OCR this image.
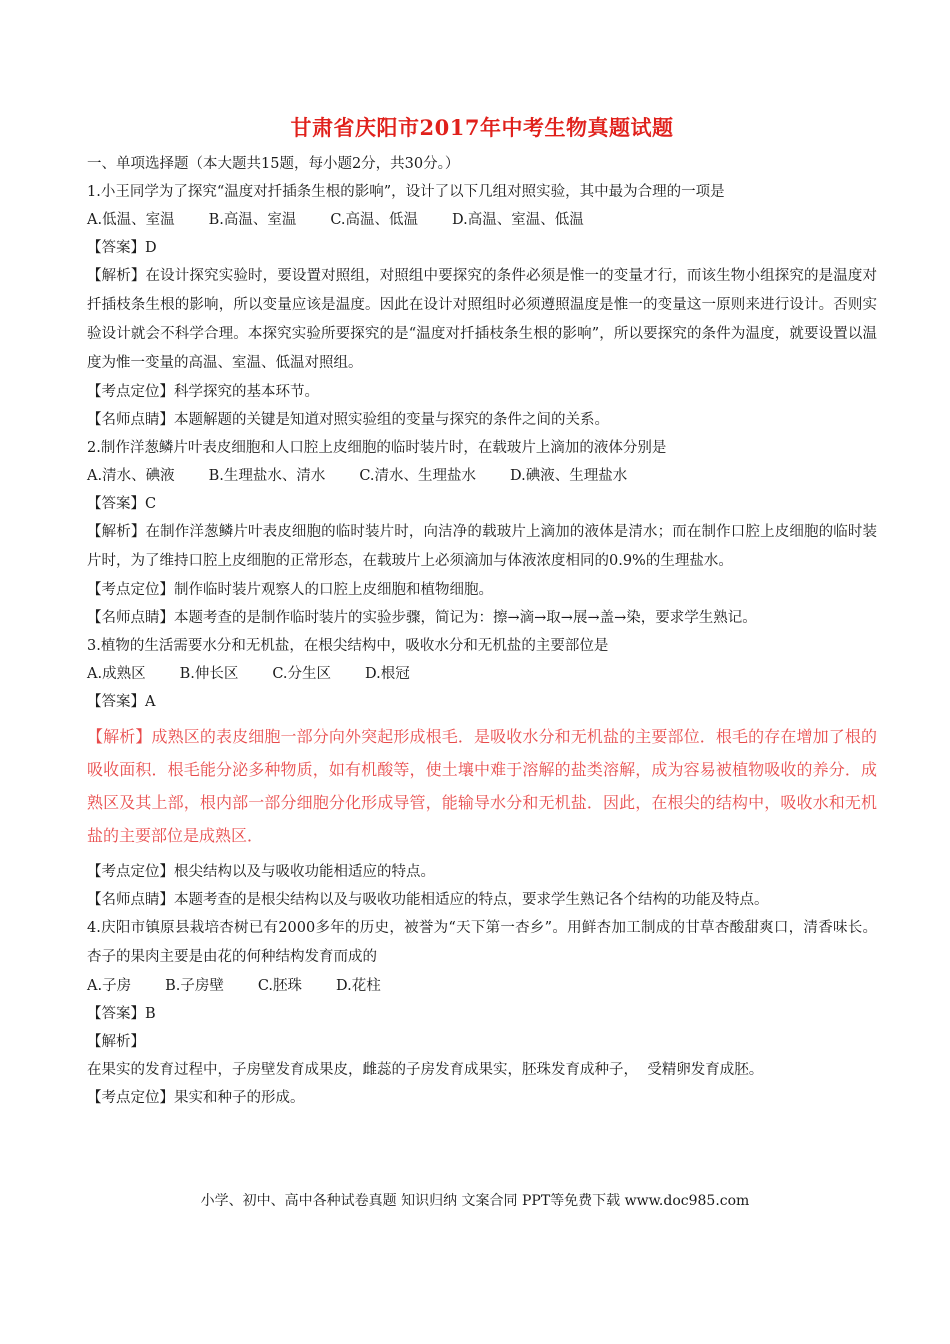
甘肃省庆阳市2017年中考生物真题试题

一、单项选择题（本大题共15题，每小题2分，共30分。）

1.小王同学为了探究“温度对扦插条生根的影响”，设计了以下几组对照实验，其中最为合理的一项是

A.低温、室温 B.高温、室温 C.高温、低温 D.高温、室温、低温

【答案】D

【解析】在设计探究实验时，要设置对照组，对照组中要探究的条件必须是惟一的变量才行，而该生物小组探究的是温度对扦插枝条生根的影响，所以变量应该是温度。因此在设计对照组时必须遵照温度是惟一的变量这一原则来进行设计。否则实验设计就会不科学合理。本探究实验所要探究的是“温度对扦插枝条生根的影响”，所以要探究的条件为温度，就要设置以温度为惟一变量的高温、室温、低温对照组。

【考点定位】科学探究的基本环节。

【名师点睛】本题解题的关键是知道对照实验组的变量与探究的条件之间的关系。

2.制作洋葱鳞片叶表皮细胞和人口腔上皮细胞的临时装片时，在载玻片上滴加的液体分别是

A.清水、碘液 B.生理盐水、清水 C.清水、生理盐水 D.碘液、生理盐水

【答案】C

【解析】在制作洋葱鳞片叶表皮细胞的临时装片时，向洁净的载玻片上滴加的液体是清水；而在制作口腔上皮细胞的临时装片时，为了维持口腔上皮细胞的正常形态，在载玻片上必须滴加与体液浓度相同的0.9%的生理盐水。

【考点定位】制作临时装片观察人的口腔上皮细胞和植物细胞。

【名师点睛】本题考查的是制作临时装片的实验步骤，简记为：擦→滴→取→展→盖→染，要求学生熟记。

3.植物的生活需要水分和无机盐，在根尖结构中，吸收水分和无机盐的主要部位是

A.成熟区 B.伸长区 C.分生区 D.根冠

【答案】A

【解析】成熟区的表皮细胞一部分向外突起形成根毛．是吸收水分和无机盐的主要部位．根毛的存在增加了根的吸收面积．根毛能分泌多种物质，如有机酸等，使土壤中难于溶解的盐类溶解，成为容易被植物吸收的养分．成熟区及其上部，根内部一部分细胞分化形成导管，能输导水分和无机盐．因此，在根尖的结构中，吸收水和无机盐的主要部位是成熟区．

【考点定位】根尖结构以及与吸收功能相适应的特点。

【名师点睛】本题考查的是根尖结构以及与吸收功能相适应的特点，要求学生熟记各个结构的功能及特点。

4.庆阳市镇原县栽培杏树已有2000多年的历史，被誉为“天下第一杏乡”。用鲜杏加工制成的甘草杏酸甜爽口，清香味长。杏子的果肉主要是由花的何种结构发育而成的

A.子房 B.子房壁 C.胚珠 D.花柱

【答案】B

【解析】

在果实的发育过程中，子房壁发育成果皮，雌蕊的子房发育成果实，胚珠发育成种子，  受精卵发育成胚。

【考点定位】果实和种子的形成。

小学、初中、高中各种试卷真题 知识归纳 文案合同 PPT等免费下载 www.doc985.com
